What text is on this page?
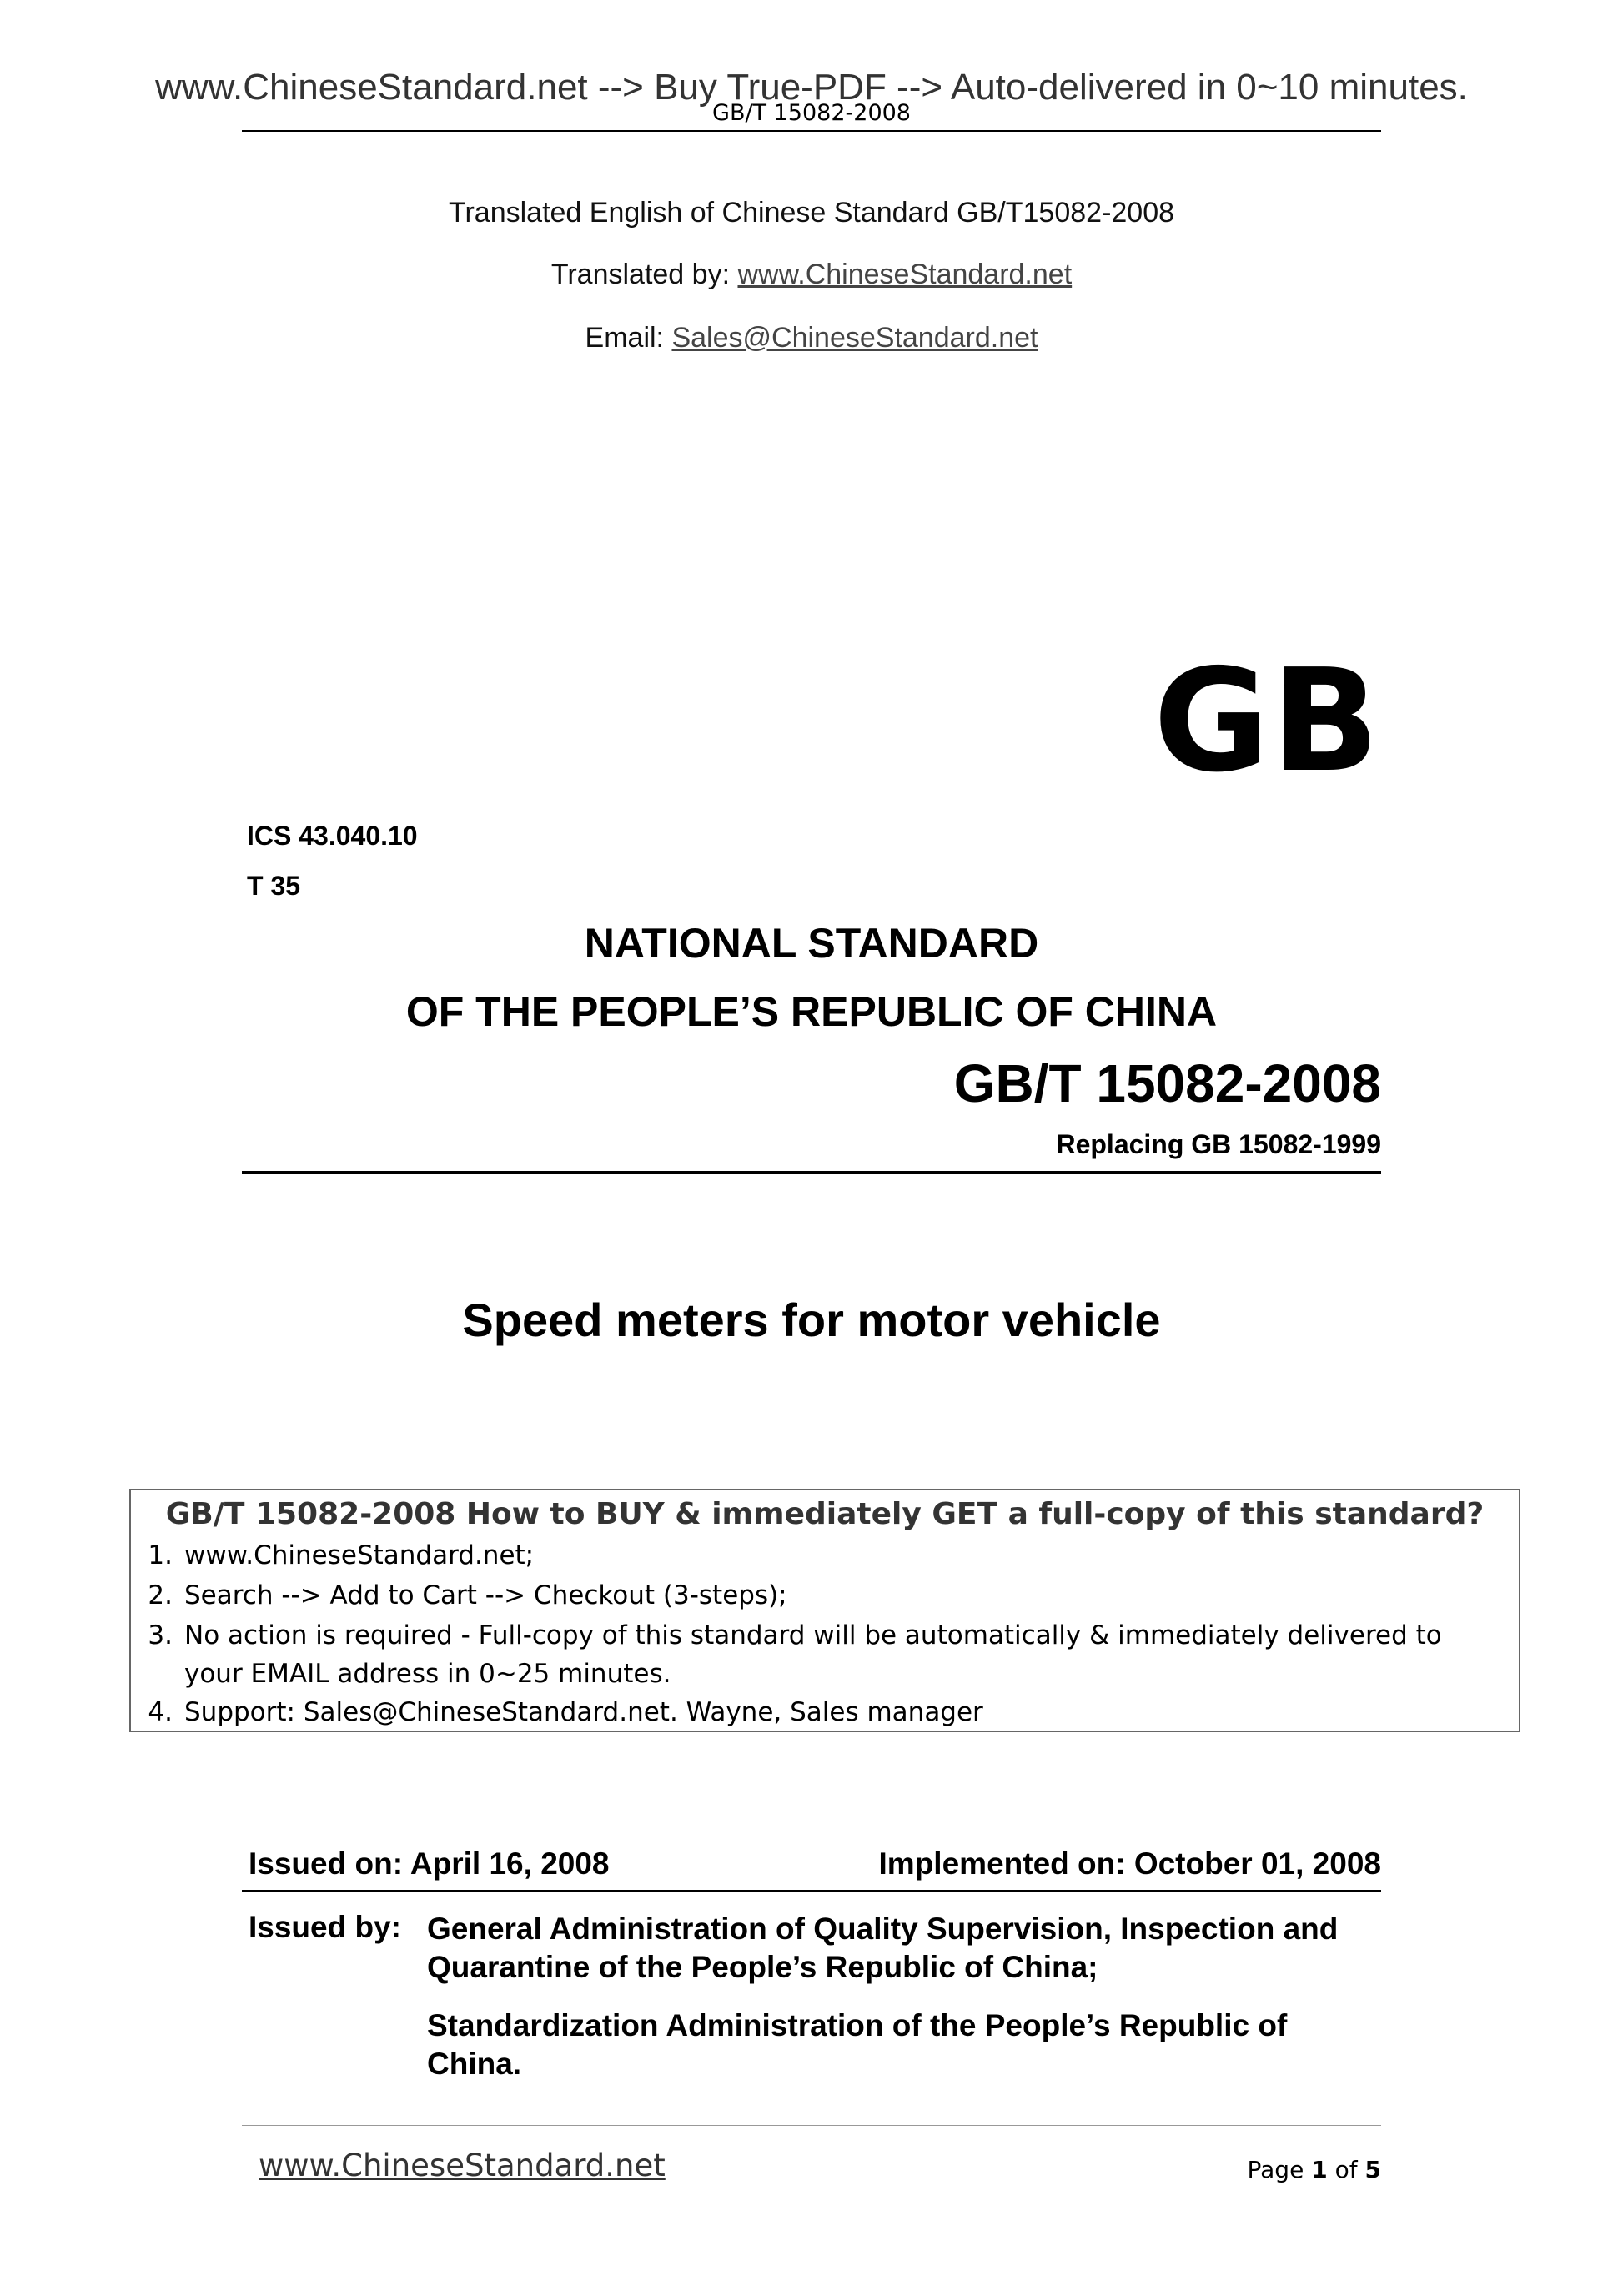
www.ChineseStandard.net --> Buy True-PDF --> Auto-delivered in 0~10 minutes.
GB/T 15082-2008
Translated English of Chinese Standard GB/T15082-2008
Translated by: www.ChineseStandard.net
Email: Sales@ChineseStandard.net
GB
ICS 43.040.10
T 35
NATIONAL STANDARD
OF THE PEOPLE’S REPUBLIC OF CHINA
GB/T 15082-2008
Replacing GB 15082-1999
Speed meters for motor vehicle
GB/T 15082-2008 How to BUY & immediately GET a full-copy of this standard?
1. www.ChineseStandard.net;
2. Search --> Add to Cart --> Checkout (3-steps);
3. No action is required - Full-copy of this standard will be automatically & immediately delivered to
your EMAIL address in 0~25 minutes.
4. Support: Sales@ChineseStandard.net. Wayne, Sales manager
Issued on: April 16, 2008	Implemented on: October 01, 2008
Issued by: General Administration of Quality Supervision, Inspection and Quarantine of the People’s Republic of China;
Standardization Administration of the People’s Republic of China.
www.ChineseStandard.net	Page 1 of 5
